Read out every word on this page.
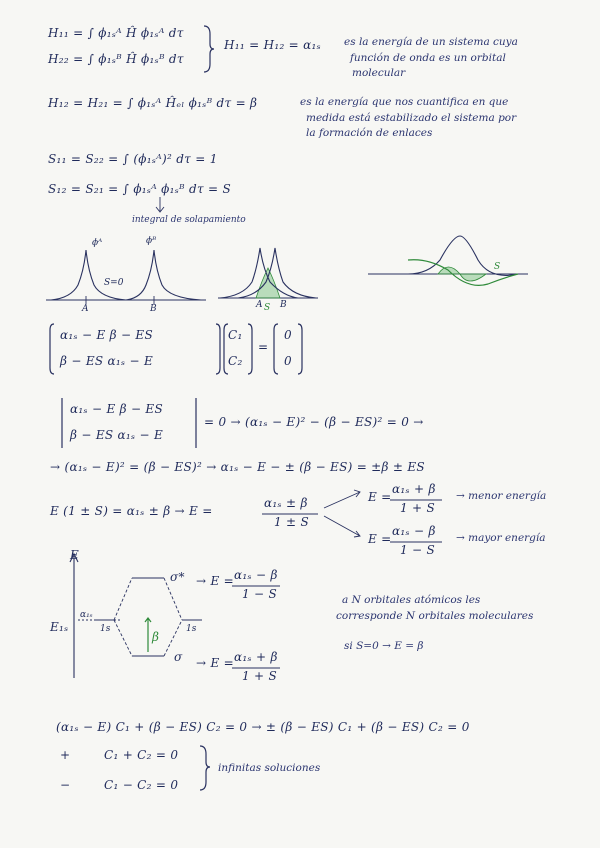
H₁₁ = ∫ ϕ₁ₛᴬ Ĥ ϕ₁ₛᴬ dτ
H₂₂ = ∫ ϕ₁ₛᴮ Ĥ ϕ₁ₛᴮ dτ
H₁₁ = H₁₂ = α₁ₛ es la energía de un sistema cuya
función de onda es un orbital
molecular
H₁₂ = H₂₁ = ∫ ϕ₁ₛᴬ Ĥₑₗ ϕ₁ₛᴮ dτ = β	es la energía que nos cuantifica en que
medida está estabilizado el sistema por
la formación de enlaces
S₁₁ = S₂₂ = ∫ (ϕ₁ₛᴬ)² dτ = 1
S₁₂ = S₂₁ = ∫ ϕ₁ₛᴬ ϕ₁ₛᴮ dτ = S
integral de solapamiento
ϕᴬ	ϕᴮ
S=0
A	B	A S B
S
α₁ₛ − E β − ES
β − ES α₁ₛ − E
C₁
C₂
=
0
0
α₁ₛ − E β − ES
β − ES α₁ₛ − E
= 0 → (α₁ₛ − E)² − (β − ES)² = 0 →
→ (α₁ₛ − E)² = (β − ES)² → α₁ₛ − E − ± (β − ES) = ±β ± ES
E (1 ± S) = α₁ₛ ± β → E =
α₁ₛ ± β
1 ± S
E =
α₁ₛ + β
1 + S
→ menor energía
E =
α₁ₛ − β
1 − S
→ mayor energía
E
α₁ₛ
E₁ₛ	1s	1s
σ*
σ
β
→ E = α₁ₛ − β
1 − S
→ E = α₁ₛ + β
1 + S
a N orbitales atómicos les
corresponde N orbitales moleculares
si S=0 → E = β
(α₁ₛ − E) C₁ + (β − ES) C₂ = 0 → ± (β − ES) C₁ + (β − ES) C₂ = 0
+	C₁ + C₂ = 0
−	C₁ − C₂ = 0
infinitas soluciones
